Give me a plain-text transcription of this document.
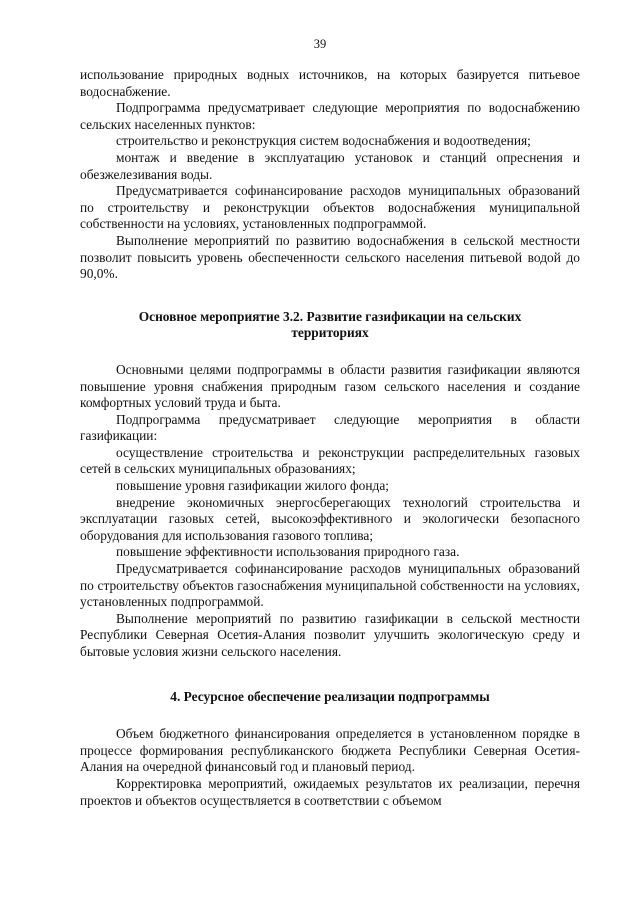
39

использование природных водных источников, на которых базируется питьевое водоснабжение.

Подпрограмма предусматривает следующие мероприятия по водоснабжению сельских населенных пунктов:

строительство и реконструкция систем водоснабжения и водоотведения;

монтаж и введение в эксплуатацию установок и станций опреснения и обезжелезивания воды.

Предусматривается софинансирование расходов муниципальных образований по строительству и реконструкции объектов водоснабжения муниципальной собственности на условиях, установленных подпрограммой.

Выполнение мероприятий по развитию водоснабжения в сельской местности позволит повысить уровень обеспеченности сельского населения питьевой водой до 90,0%.

Основное мероприятие 3.2. Развитие газификации на сельских территориях

Основными целями подпрограммы в области развития газификации являются повышение уровня снабжения природным газом сельского населения и создание комфортных условий труда и быта.

Подпрограмма предусматривает следующие мероприятия в области газификации:

осуществление строительства и реконструкции распределительных газовых сетей в сельских муниципальных образованиях;

повышение уровня газификации жилого фонда;

внедрение экономичных энергосберегающих технологий строительства и эксплуатации газовых сетей, высокоэффективного и экологически безопасного оборудования для использования газового топлива;

повышение эффективности использования природного газа.

Предусматривается софинансирование расходов муниципальных образований по строительству объектов газоснабжения муниципальной собственности на условиях, установленных подпрограммой.

Выполнение мероприятий по развитию газификации в сельской местности Республики Северная Осетия-Алания позволит улучшить экологическую среду и бытовые условия жизни сельского населения.

4. Ресурсное обеспечение реализации подпрограммы

Объем бюджетного финансирования определяется в установленном порядке в процессе формирования республиканского бюджета Республики Северная Осетия-Алания на очередной финансовый год и плановый период.

Корректировка мероприятий, ожидаемых результатов их реализации, перечня проектов и объектов осуществляется в соответствии с объемом
